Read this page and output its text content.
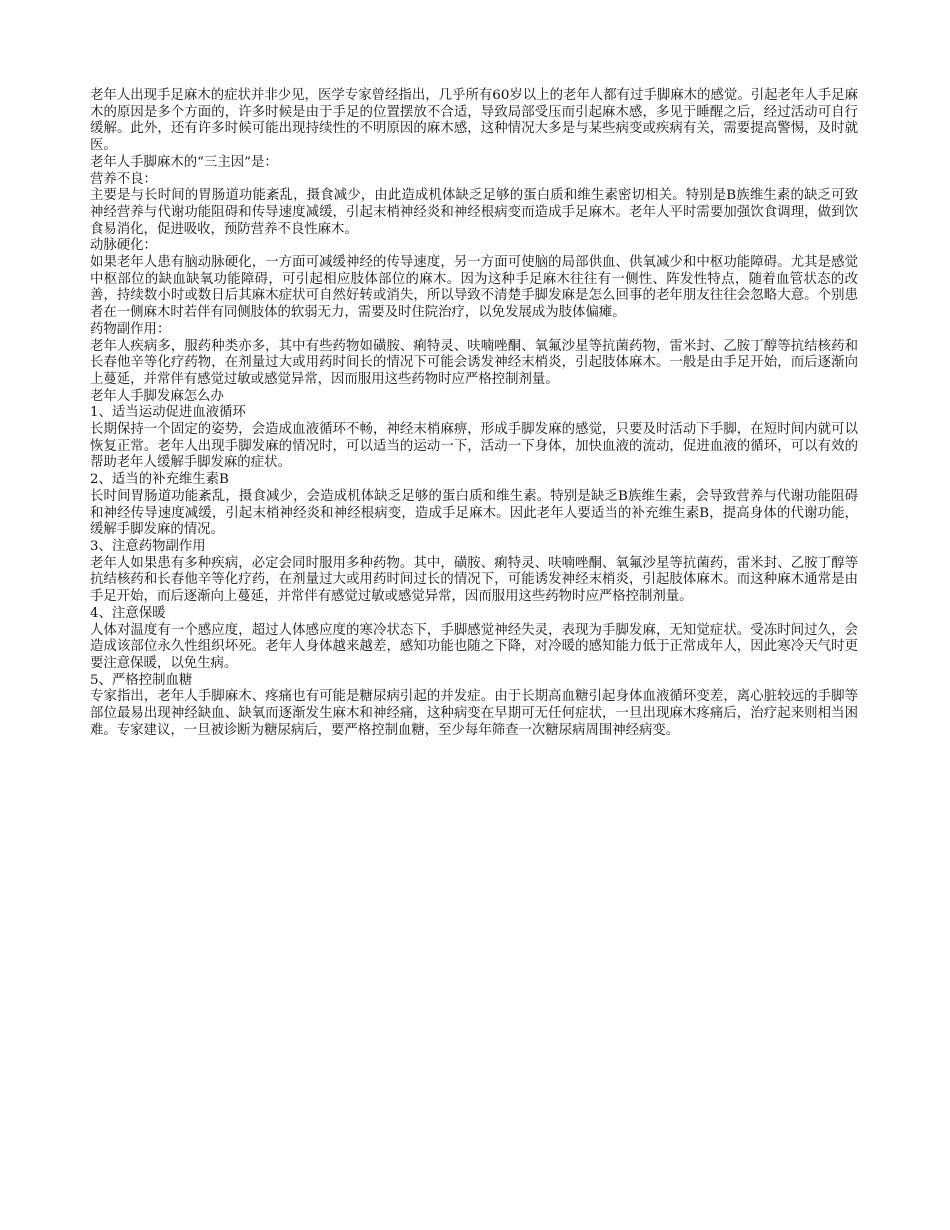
老年人出现手足麻木的症状并非少见，医学专家曾经指出，几乎所有60岁以上的老年人都有过手脚麻木的感觉。引起老年人手足麻木的原因是多个方面的，许多时候是由于手足的位置摆放不合适，导致局部受压而引起麻木感，多见于睡醒之后，经过活动可自行缓解。此外，还有许多时候可能出现持续性的不明原因的麻木感，这种情况大多是与某些病变或疾病有关，需要提高警惕，及时就医。

老年人手脚麻木的“三主因”是：

营养不良：

主要是与长时间的胃肠道功能紊乱，摄食减少，由此造成机体缺乏足够的蛋白质和维生素密切相关。特别是B族维生素的缺乏可致神经营养与代谢功能阻碍和传导速度减缓，引起末梢神经炎和神经根病变而造成手足麻木。老年人平时需要加强饮食调理，做到饮食易消化，促进吸收，预防营养不良性麻木。

动脉硬化：

如果老年人患有脑动脉硬化，一方面可减缓神经的传导速度，另一方面可使脑的局部供血、供氧减少和中枢功能障碍。尤其是感觉中枢部位的缺血缺氧功能障碍，可引起相应肢体部位的麻木。因为这种手足麻木往往有一侧性、阵发性特点，随着血管状态的改善，持续数小时或数日后其麻木症状可自然好转或消失，所以导致不清楚手脚发麻是怎么回事的老年朋友往往会忽略大意。个别患者在一侧麻木时若伴有同侧肢体的软弱无力，需要及时住院治疗，以免发展成为肢体偏瘫。

药物副作用：

老年人疾病多，服药种类亦多，其中有些药物如磺胺、痢特灵、呋喃唑酮、氧氟沙星等抗菌药物，雷米封、乙胺丁醇等抗结核药和长春他辛等化疗药物，在剂量过大或用药时间长的情况下可能会诱发神经末梢炎，引起肢体麻木。一般是由手足开始，而后逐渐向上蔓延，并常伴有感觉过敏或感觉异常，因而服用这些药物时应严格控制剂量。

老年人手脚发麻怎么办

1、适当运动促进血液循环

长期保持一个固定的姿势，会造成血液循环不畅，神经末梢麻痹，形成手脚发麻的感觉，只要及时活动下手脚，在短时间内就可以恢复正常。老年人出现手脚发麻的情况时，可以适当的运动一下，活动一下身体，加快血液的流动，促进血液的循环，可以有效的帮助老年人缓解手脚发麻的症状。

2、适当的补充维生素B

长时间胃肠道功能紊乱，摄食减少，会造成机体缺乏足够的蛋白质和维生素。特别是缺乏B族维生素，会导致营养与代谢功能阻碍和神经传导速度减缓，引起末梢神经炎和神经根病变，造成手足麻木。因此老年人要适当的补充维生素B，提高身体的代谢功能，缓解手脚发麻的情况。

3、注意药物副作用

老年人如果患有多种疾病，必定会同时服用多种药物。其中，磺胺、痢特灵、呋喃唑酮、氧氟沙星等抗菌药，雷米封、乙胺丁醇等抗结核药和长春他辛等化疗药，在剂量过大或用药时间过长的情况下，可能诱发神经末梢炎，引起肢体麻木。而这种麻木通常是由手足开始，而后逐渐向上蔓延，并常伴有感觉过敏或感觉异常，因而服用这些药物时应严格控制剂量。

4、注意保暖

人体对温度有一个感应度，超过人体感应度的寒冷状态下，手脚感觉神经失灵，表现为手脚发麻，无知觉症状。受冻时间过久，会造成该部位永久性组织坏死。老年人身体越来越差，感知功能也随之下降，对冷暖的感知能力低于正常成年人，因此寒冷天气时更要注意保暖，以免生病。

5、严格控制血糖

专家指出，老年人手脚麻木、疼痛也有可能是糖尿病引起的并发症。由于长期高血糖引起身体血液循环变差，离心脏较远的手脚等部位最易出现神经缺血、缺氧而逐渐发生麻木和神经痛，这种病变在早期可无任何症状，一旦出现麻木疼痛后，治疗起来则相当困难。专家建议，一旦被诊断为糖尿病后，要严格控制血糖，至少每年筛查一次糖尿病周围神经病变。
